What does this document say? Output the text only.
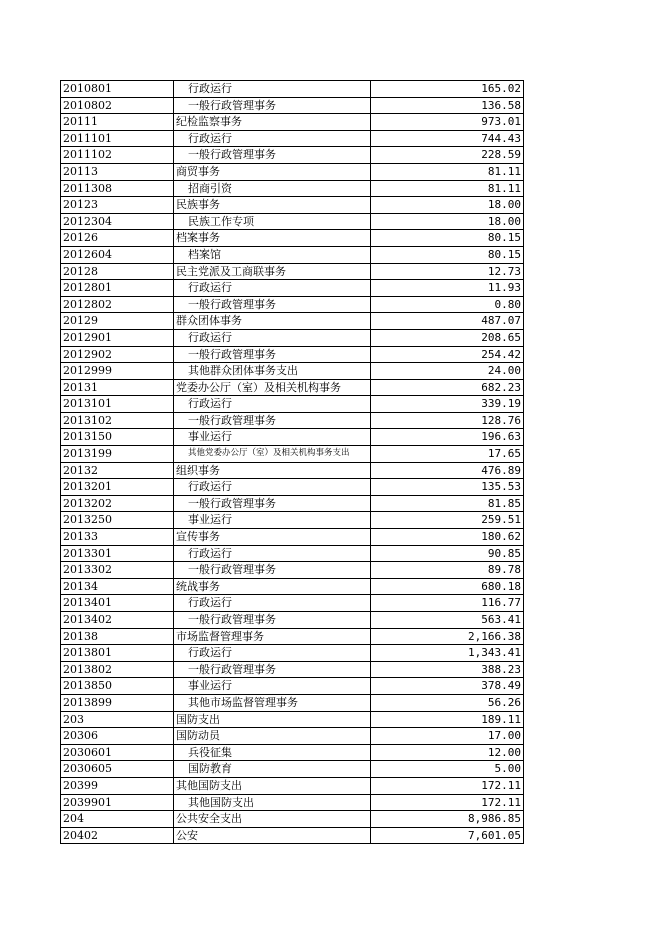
2010801	行政运行	165.02
2010802	一般行政管理事务	136.58
20111	纪检监察事务	973.01
2011101	行政运行	744.43
2011102	一般行政管理事务	228.59
20113	商贸事务	81.11
2011308	招商引资	81.11
20123	民族事务	18.00
2012304	民族工作专项	18.00
20126	档案事务	80.15
2012604	档案馆	80.15
20128	民主党派及工商联事务	12.73
2012801	行政运行	11.93
2012802	一般行政管理事务	0.80
20129	群众团体事务	487.07
2012901	行政运行	208.65
2012902	一般行政管理事务	254.42
2012999	其他群众团体事务支出	24.00
20131	党委办公厅（室）及相关机构事务	682.23
2013101	行政运行	339.19
2013102	一般行政管理事务	128.76
2013150	事业运行	196.63
2013199	其他党委办公厅（室）及相关机构事务支出	17.65
20132	组织事务	476.89
2013201	行政运行	135.53
2013202	一般行政管理事务	81.85
2013250	事业运行	259.51
20133	宣传事务	180.62
2013301	行政运行	90.85
2013302	一般行政管理事务	89.78
20134	统战事务	680.18
2013401	行政运行	116.77
2013402	一般行政管理事务	563.41
20138	市场监督管理事务	2,166.38
2013801	行政运行	1,343.41
2013802	一般行政管理事务	388.23
2013850	事业运行	378.49
2013899	其他市场监督管理事务	56.26
203	国防支出	189.11
20306	国防动员	17.00
2030601	兵役征集	12.00
2030605	国防教育	5.00
20399	其他国防支出	172.11
2039901	其他国防支出	172.11
204	公共安全支出	8,986.85
20402	公安	7,601.05
